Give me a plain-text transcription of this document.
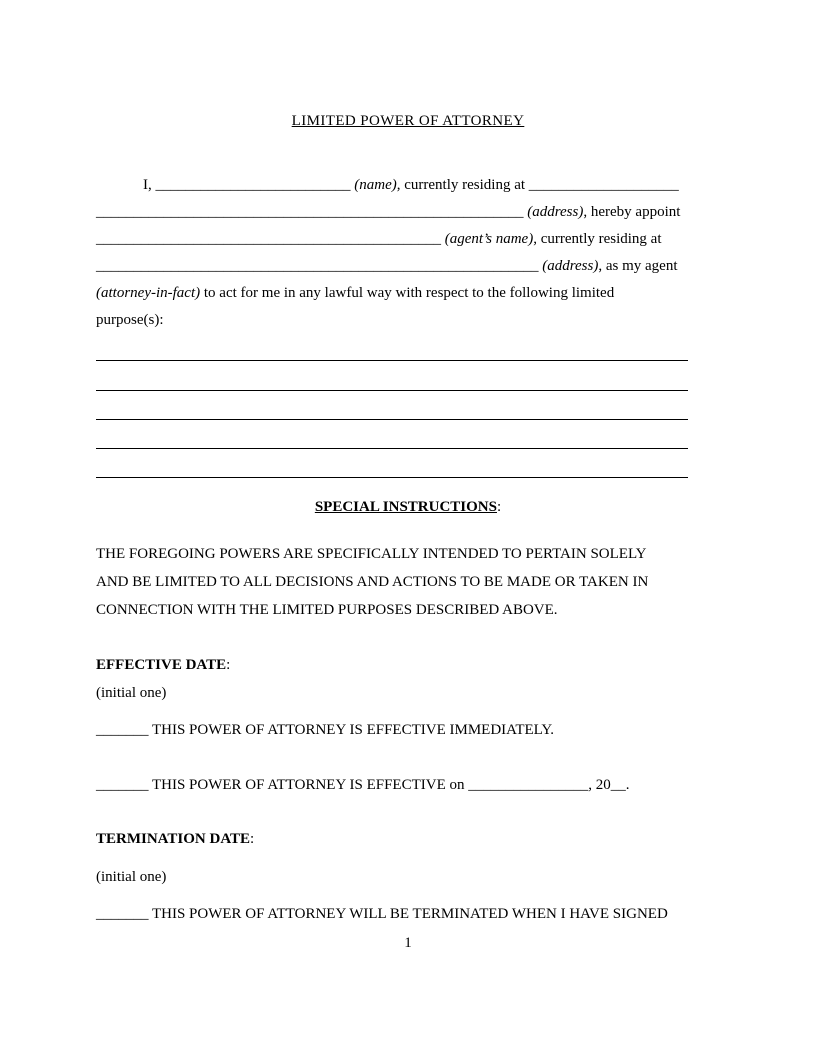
LIMITED POWER OF ATTORNEY
I, __________________________ (name), currently residing at ____________________
_________________________________________________________ (address), hereby appoint
______________________________________________ (agent’s name), currently residing at
___________________________________________________________ (address), as my agent
(attorney-in-fact) to act for me in any lawful way with respect to the following limited
purpose(s):
SPECIAL INSTRUCTIONS:
THE FOREGOING POWERS ARE SPECIFICALLY INTENDED TO PERTAIN SOLELY
AND BE LIMITED TO ALL DECISIONS AND ACTIONS TO BE MADE OR TAKEN IN
CONNECTION WITH THE LIMITED PURPOSES DESCRIBED ABOVE.
EFFECTIVE DATE:
(initial one)
_______ THIS POWER OF ATTORNEY IS EFFECTIVE IMMEDIATELY.
_______ THIS POWER OF ATTORNEY IS EFFECTIVE on ________________, 20__.
TERMINATION DATE:
(initial one)
_______ THIS POWER OF ATTORNEY WILL BE TERMINATED WHEN I HAVE SIGNED
1
